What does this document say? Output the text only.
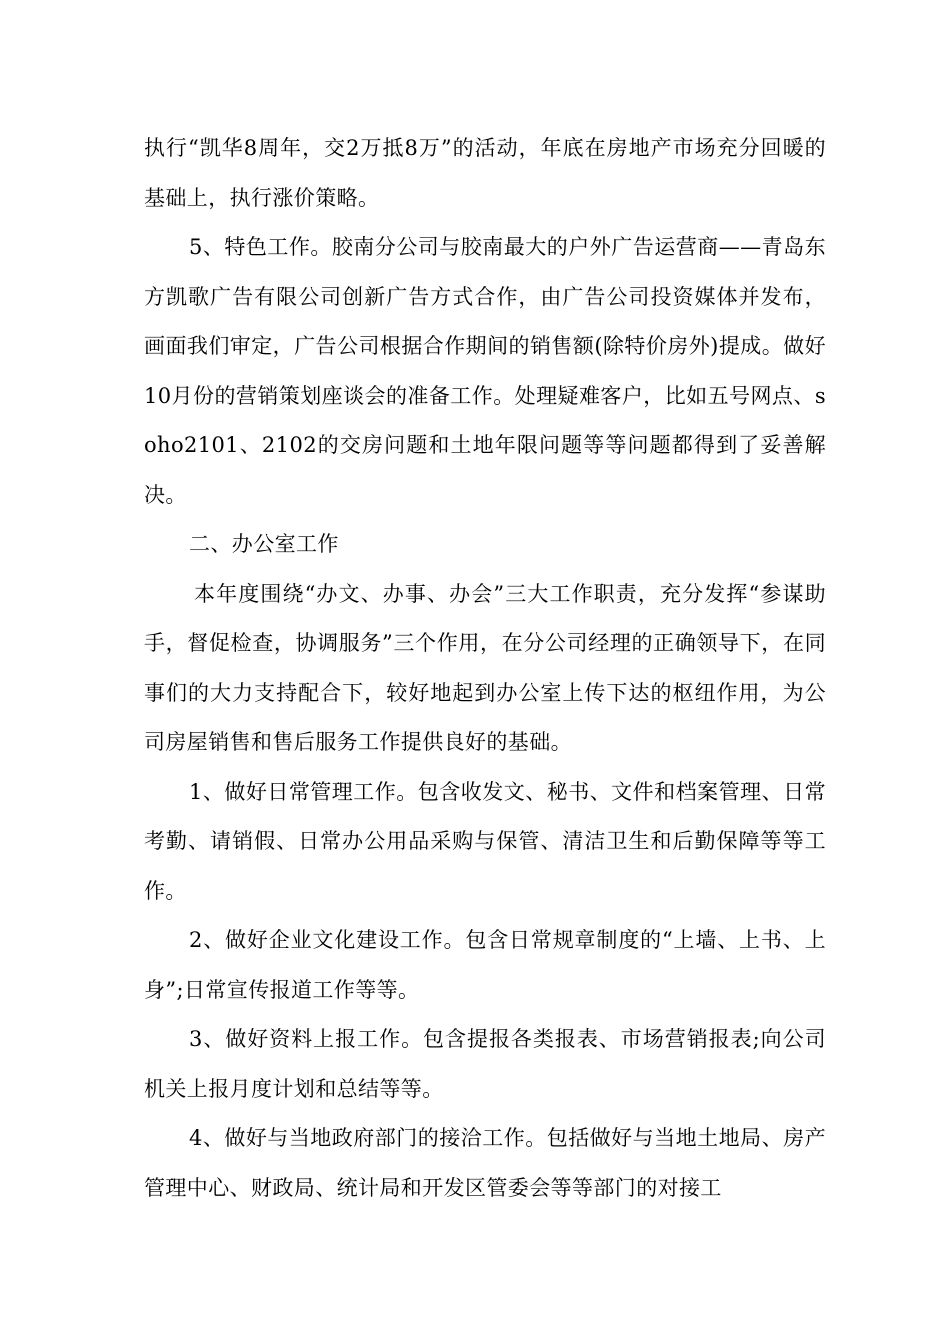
执行“凯华8周年，交2万抵8万”的活动，年底在房地产市场充分回暖的基础上，执行涨价策略。

5、特色工作。胶南分公司与胶南最大的户外广告运营商——青岛东方凯歌广告有限公司创新广告方式合作，由广告公司投资媒体并发布，画面我们审定，广告公司根据合作期间的销售额(除特价房外)提成。做好10月份的营销策划座谈会的准备工作。处理疑难客户，比如五号网点、soho2101、2102的交房问题和土地年限问题等等问题都得到了妥善解决。

二、办公室工作

本年度围绕“办文、办事、办会”三大工作职责，充分发挥“参谋助手，督促检查，协调服务”三个作用，在分公司经理的正确领导下，在同事们的大力支持配合下，较好地起到办公室上传下达的枢纽作用，为公司房屋销售和售后服务工作提供良好的基础。

1、做好日常管理工作。包含收发文、秘书、文件和档案管理、日常考勤、请销假、日常办公用品采购与保管、清洁卫生和后勤保障等等工作。

2、做好企业文化建设工作。包含日常规章制度的“上墙、上书、上身”;日常宣传报道工作等等。

3、做好资料上报工作。包含提报各类报表、市场营销报表;向公司机关上报月度计划和总结等等。

4、做好与当地政府部门的接洽工作。包括做好与当地土地局、房产管理中心、财政局、统计局和开发区管委会等等部门的对接工
